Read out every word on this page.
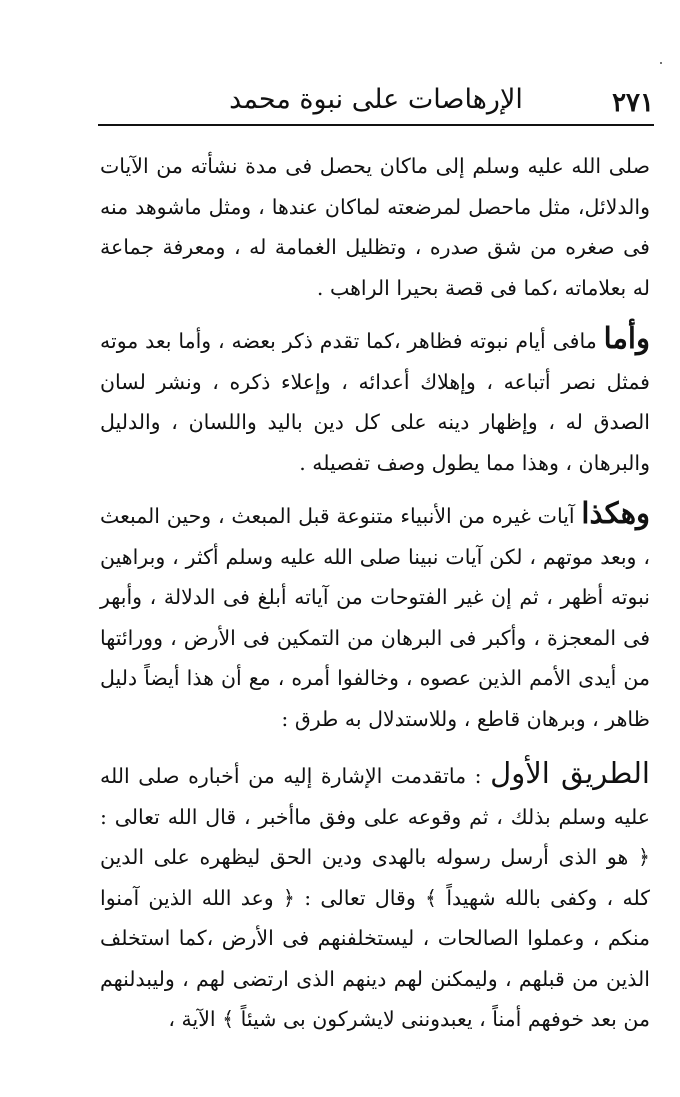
٢٧١
الإرهاصات على نبوة محمد

صلى الله عليه وسلم إلى ماكان يحصل فى مدة نشأته من الآيات والدلائل، مثل ماحصل لمرضعته لماكان عندها ، ومثل ماشوهد منه فى صغره من شق صدره ، وتظليل الغمامة له ، ومعرفة جماعة له بعلاماته ،كما فى قصة بحيرا الراهب .

وأما مافى أيام نبوته فظاهر ،كما تقدم ذكر بعضه ، وأما بعد موته فمثل نصر أتباعه ، وإهلاك أعدائه ، وإعلاء ذكره ، ونشر لسان الصدق له ، وإظهار دينه على كل دين باليد واللسان ، والدليل والبرهان ، وهذا مما يطول وصف تفصيله .

وهكذا آيات غيره من الأنبياء متنوعة قبل المبعث ، وحين المبعث ، وبعد موتهم ، لكن آيات نبينا صلى الله عليه وسلم أكثر ، وبراهين نبوته أظهر ، ثم إن غير الفتوحات من آياته أبلغ فى الدلالة ، وأبهر فى المعجزة ، وأكبر فى البرهان من التمكين فى الأرض ، وورائتها من أيدى الأمم الذين عصوه ، وخالفوا أمره ، مع أن هذا أيضاً دليل ظاهر ، وبرهان قاطع ، وللاستدلال به طرق :

الطريق الأول : ماتقدمت الإشارة إليه من أخباره صلى الله عليه وسلم بذلك ، ثم وقوعه على وفق ماأخبر ، قال الله تعالى : ﴿ هو الذى أرسل رسوله بالهدى ودين الحق ليظهره على الدين كله ، وكفى بالله شهيداً ﴾ وقال تعالى : ﴿ وعد الله الذين آمنوا منكم ، وعملوا الصالحات ، ليستخلفنهم فى الأرض ،كما استخلف الذين من قبلهم ، وليمكنن لهم دينهم الذى ارتضى لهم ، وليبدلنهم من بعد خوفهم أمناً ، يعبدوننى لايشركون بى شيئاً ﴾ الآية ،
